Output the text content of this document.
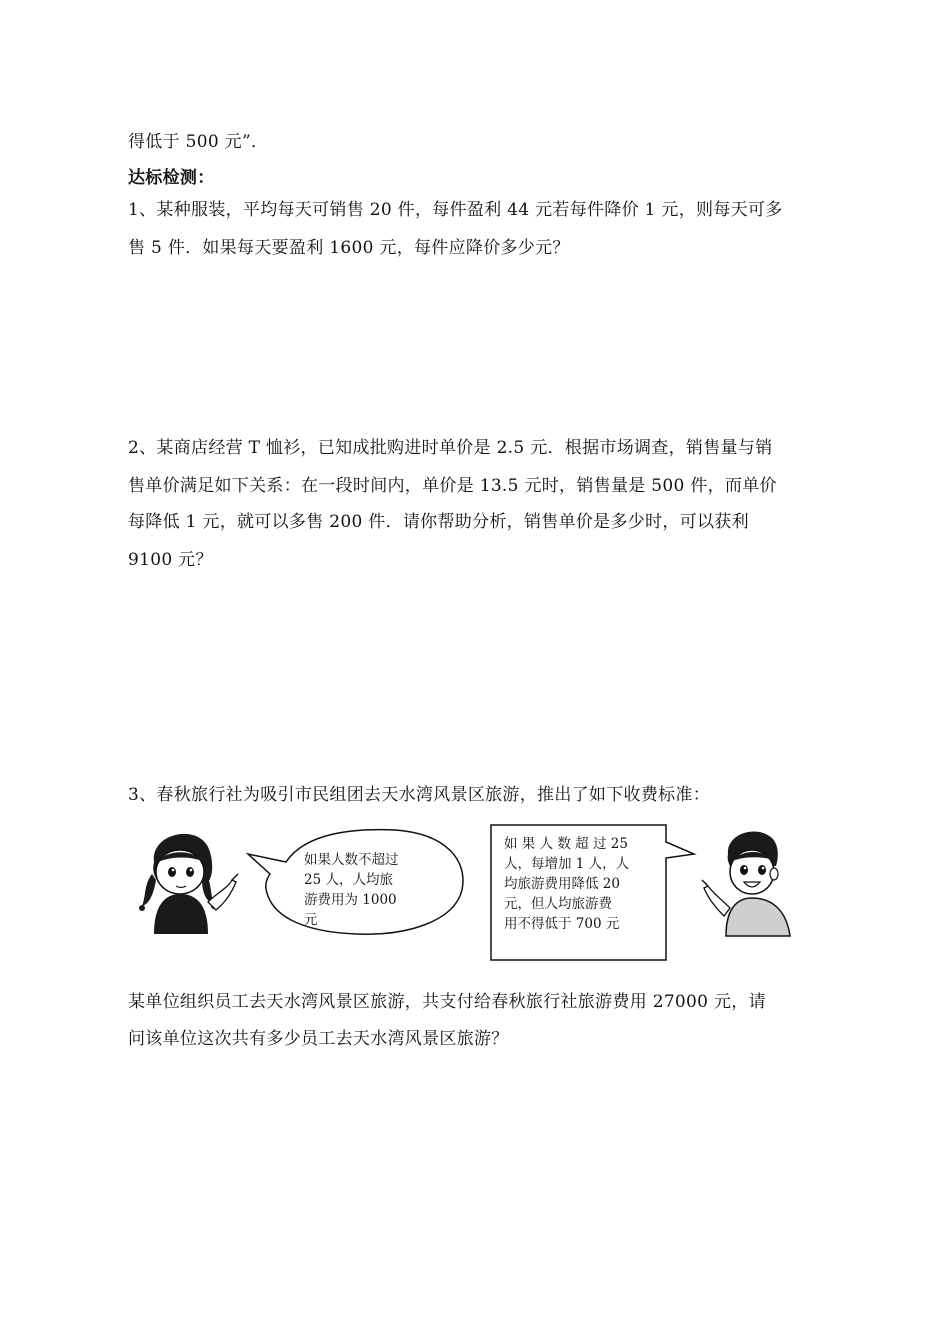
得低于 500 元”．
达标检测：
1、某种服装，平均每天可销售 20 件，每件盈利 44 元若每件降价 1 元，则每天可多
售 5 件．如果每天要盈利 1600 元，每件应降价多少元？
2、某商店经营 T 恤衫，已知成批购进时单价是 2.5 元．根据市场调查，销售量与销
售单价满足如下关系：在一段时间内，单价是 13.5 元时，销售量是 500 件，而单价
每降低 1 元，就可以多售 200 件．请你帮助分析，销售单价是多少时，可以获利
9100 元？
3、春秋旅行社为吸引市民组团去天水湾风景区旅游，推出了如下收费标准：
如果人数不超过
25 人，人均旅
游费用为 1000
元
如 果 人 数 超 过 25
人，每增加 1 人，人
均旅游费用降低 20
元，但人均旅游费
用不得低于 700 元
某单位组织员工去天水湾风景区旅游，共支付给春秋旅行社旅游费用 27000 元，请
问该单位这次共有多少员工去天水湾风景区旅游？
